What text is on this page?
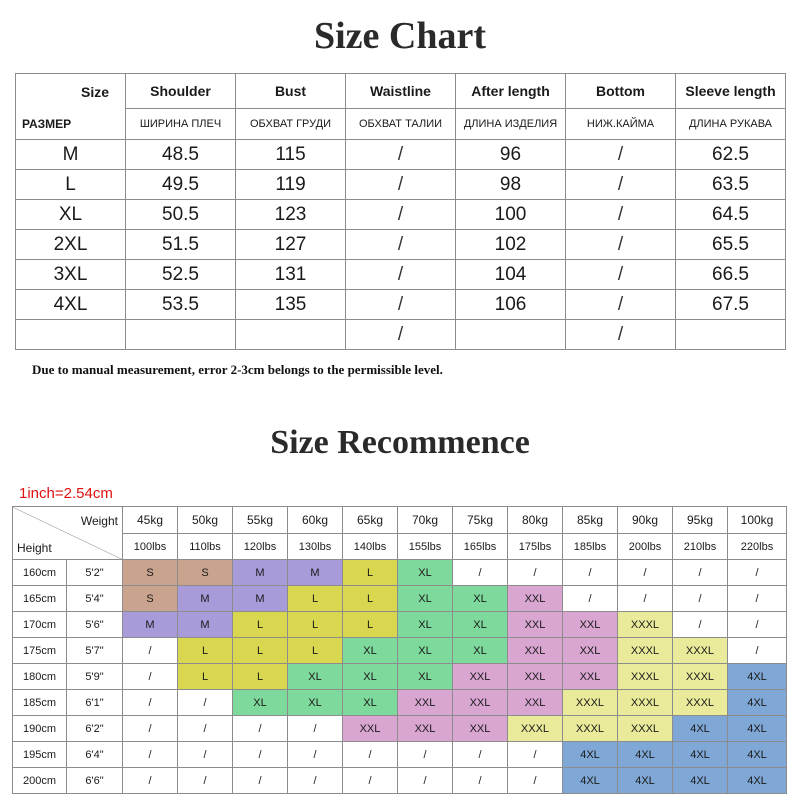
Size Chart
Size
РАЗМЕР	Shoulder	Bust	Waistline	After length	Bottom	Sleeve length
	ШИРИНА ПЛЕЧ	ОБХВАТ ГРУДИ	ОБХВАТ ТАЛИИ	ДЛИНА ИЗДЕЛИЯ	НИЖ.КАЙМА	ДЛИНА РУКАВА
M	48.5	115	/	96	/	62.5
L	49.5	119	/	98	/	63.5
XL	50.5	123	/	100	/	64.5
2XL	51.5	127	/	102	/	65.5
3XL	52.5	131	/	104	/	66.5
4XL	53.5	135	/	106	/	67.5
			/		/	
Due to manual measurement, error 2-3cm belongs to the permissible level.
Size Recommence
1inch=2.54cm
Weight
Height		45kg	50kg	55kg	60kg	65kg	70kg	75kg	80kg	85kg	90kg	95kg	100kg
		100lbs	110lbs	120lbs	130lbs	140lbs	155lbs	165lbs	175lbs	185lbs	200lbs	210lbs	220lbs
160cm	5'2"	S	S	M	M	L	XL	/	/	/	/	/	/
165cm	5'4"	S	M	M	L	L	XL	XL	XXL	/	/	/	/
170cm	5'6"	M	M	L	L	L	XL	XL	XXL	XXL	XXXL	/	/
175cm	5'7"	/	L	L	L	XL	XL	XL	XXL	XXL	XXXL	XXXL	/
180cm	5'9"	/	L	L	XL	XL	XL	XXL	XXL	XXL	XXXL	XXXL	4XL
185cm	6'1"	/	/	XL	XL	XL	XXL	XXL	XXL	XXXL	XXXL	XXXL	4XL
190cm	6'2"	/	/	/	/	XXL	XXL	XXL	XXXL	XXXL	XXXL	4XL	4XL
195cm	6'4"	/	/	/	/	/	/	/	/	4XL	4XL	4XL	4XL
200cm	6'6"	/	/	/	/	/	/	/	/	4XL	4XL	4XL	4XL
